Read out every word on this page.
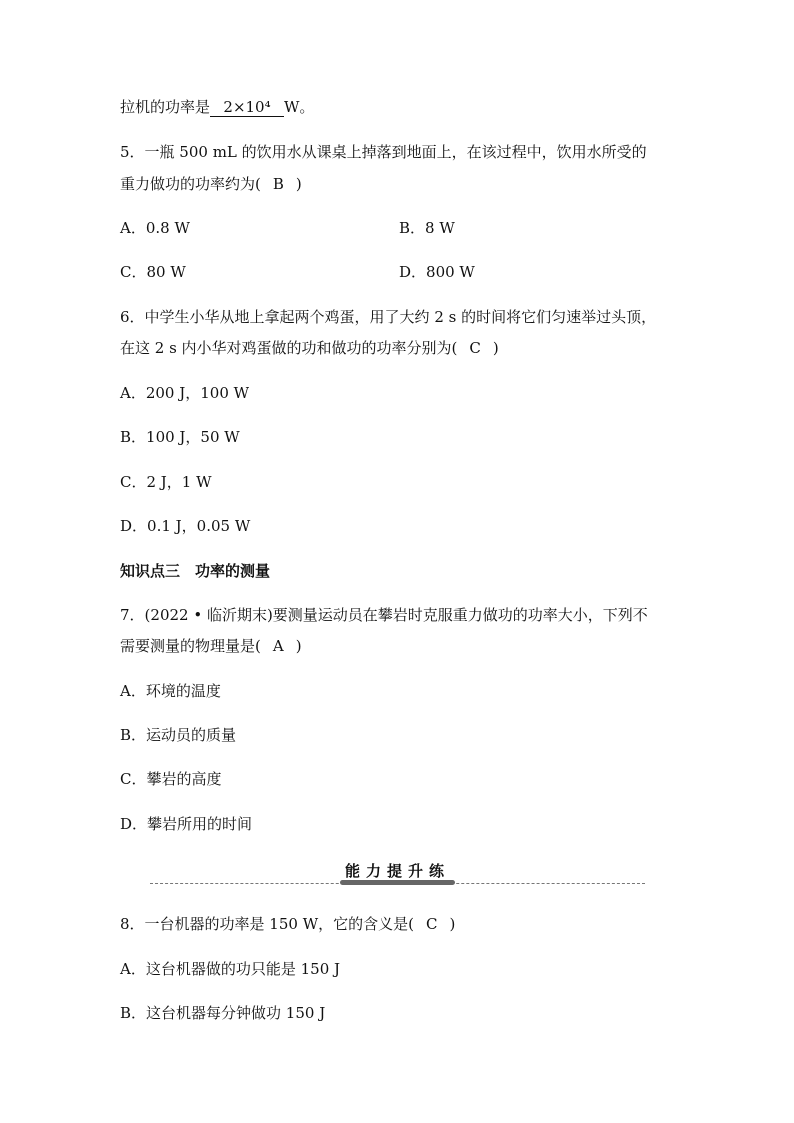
拉机的功率是 2×10⁴ W。
5．一瓶 500 mL 的饮用水从课桌上掉落到地面上，在该过程中，饮用水所受的
重力做功的功率约为( B )
A．0.8 W	B．8 W
C．80 W	D．800 W
6．中学生小华从地上拿起两个鸡蛋，用了大约 2 s 的时间将它们匀速举过头顶，
在这 2 s 内小华对鸡蛋做的功和做功的功率分别为( C )
A．200 J，100 W
B．100 J，50 W
C．2 J，1 W
D．0.1 J，0.05 W
知识点三　功率的测量
7．(2022 • 临沂期末)要测量运动员在攀岩时克服重力做功的功率大小，下列不
需要测量的物理量是( A )
A．环境的温度
B．运动员的质量
C．攀岩的高度
D．攀岩所用的时间
能力提升练
8．一台机器的功率是 150 W，它的含义是( C )
A．这台机器做的功只能是 150 J
B．这台机器每分钟做功 150 J
